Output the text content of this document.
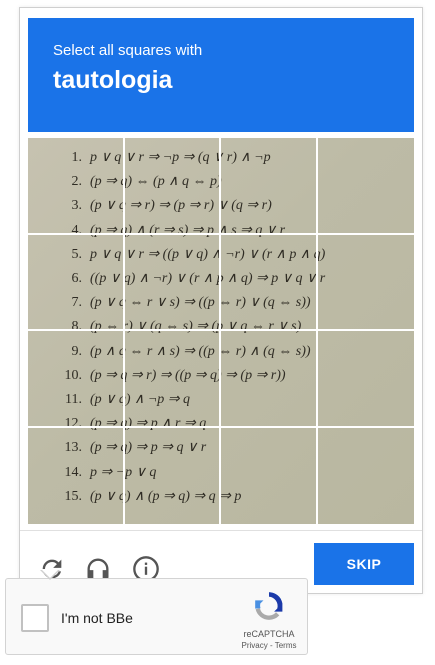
Select all squares with
tautologia
1. p ∨ q ∨ r ⇒ ¬p ⇒ (q ∨ r) ∧ ¬p
2. (p ⇒ q) ⇔ (p ∧ q ⇔ p)
3. (p ∨ q ⇒ r) ⇒ (p ⇒ r) ∨ (q ⇒ r)
4. (p ⇒ q) ∧ (r ⇒ s) ⇒ p ∧ s ⇒ q ∨ r
5. p ∨ q ∨ r ⇒ ((p ∨ q) ∧ ¬r) ∨ (r ∧ p ∧ q)
6. ((p ∨ q) ∧ ¬r) ∨ (r ∧ p ∧ q) ⇒ p ∨ q ∨ r
7. (p ∨ q ⇔ r ∨ s) ⇒ ((p ⇔ r) ∨ (q ⇔ s))
8. (p ⇔ r) ∨ (q ⇔ s) ⇒ (p ∨ q ⇔ r ∨ s)
9. (p ∧ q ⇔ r ∧ s) ⇒ ((p ⇔ r) ∧ (q ⇔ s))
10. (p ⇒ q ⇒ r) ⇒ ((p ⇒ q) ⇒ (p ⇒ r))
11. (p ∨ q) ∧ ¬p ⇒ q
12. (p ⇒ q) ⇒ p ∧ r ⇒ q
13. (p ⇒ q) ⇒ p ⇒ q ∨ r
14. p ⇒ ¬p ∨ q
15. (p ∨ q) ∧ (p ⇒ q) ⇒ q ⇒ p
SKIP
I'm not BBe
reCAPTCHA
Privacy - Terms
